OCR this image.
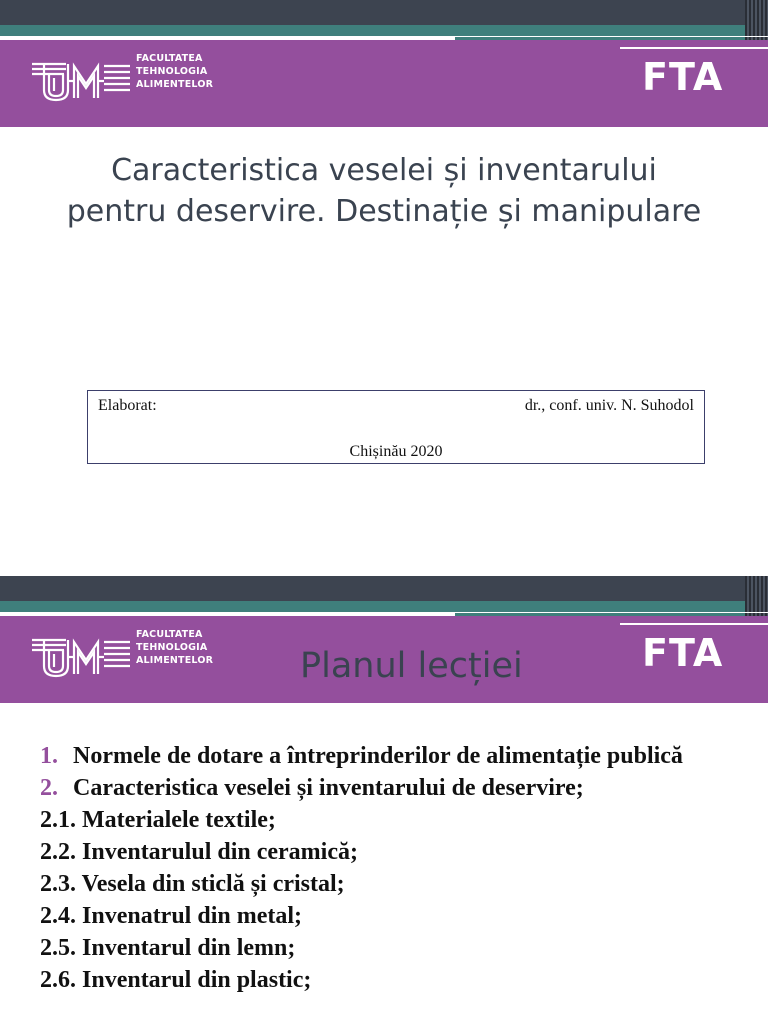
FACULTATEA
TEHNOLOGIA
ALIMENTELOR	FTA
Caracteristica veselei și inventarului pentru deservire. Destinație și manipulare
Elaborat:	dr., conf. univ. N. Suhodol
Chișinău 2020
FACULTATEA
TEHNOLOGIA
ALIMENTELOR	FTA
Planul lecției
1. Normele de dotare a întreprinderilor de alimentație publică
2. Caracteristica veselei și inventarului de deservire;
2.1. Materialele textile;
2.2. Inventarulul din ceramică;
2.3. Vesela din sticlă și cristal;
2.4. Invenatrul din metal;
2.5. Inventarul din lemn;
2.6. Inventarul din plastic;
